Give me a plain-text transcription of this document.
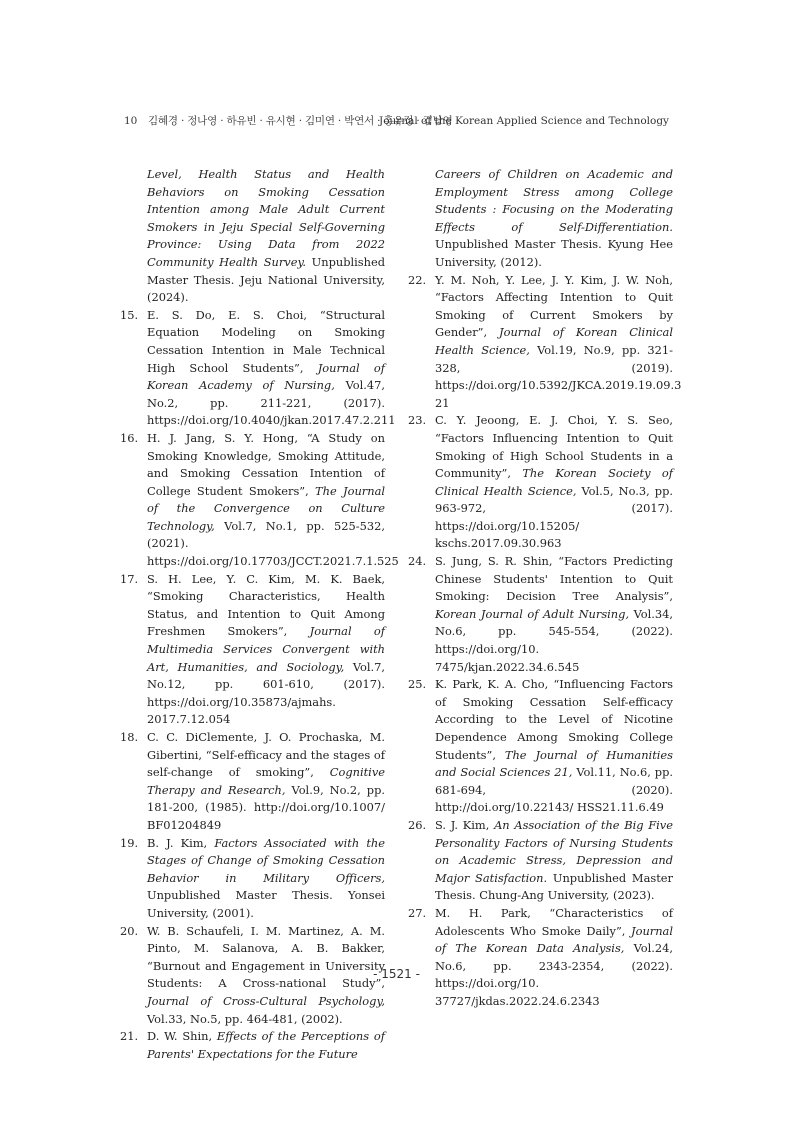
10 김혜경 · 정나영 · 하유빈 · 유시현 · 김미연 · 박연서 · 홍유정 · 김남영
Journal of the Korean Applied Science and Technology
Level, Health Status and Health Behaviors on Smoking Cessation Intention among Male Adult Current Smokers in Jeju Special Self-Governing Province: Using Data from 2022 Community Health Survey. Unpublished Master Thesis. Jeju National University, (2024).
15. E. S. Do, E. S. Choi, “Structural Equation Modeling on Smoking Cessation Intention in Male Technical High School Students”, Journal of Korean Academy of Nursing, Vol.47, No.2, pp. 211-221, (2017). https://doi.org/10.4040/jkan.2017.47.2.211
16. H. J. Jang, S. Y. Hong, “A Study on Smoking Knowledge, Smoking Attitude, and Smoking Cessation Intention of College Student Smokers”, The Journal of the Convergence on Culture Technology, Vol.7, No.1, pp. 525-532, (2021). https://doi.org/10.17703/JCCT.2021.7.1.525
17. S. H. Lee, Y. C. Kim, M. K. Baek, “Smoking Characteristics, Health Status, and Intention to Quit Among Freshmen Smokers”, Journal of Multimedia Services Convergent with Art, Humanities, and Sociology, Vol.7, No.12, pp. 601-610, (2017). https://doi.org/10.35873/ajmahs. 2017.7.12.054
18. C. C. DiClemente, J. O. Prochaska, M. Gibertini, “Self-efficacy and the stages of self-change of smoking”, Cognitive Therapy and Research, Vol.9, No.2, pp. 181-200, (1985). http://doi.org/10.1007/ BF01204849
19. B. J. Kim, Factors Associated with the Stages of Change of Smoking Cessation Behavior in Military Officers, Unpublished Master Thesis. Yonsei University, (2001).
20. W. B. Schaufeli, I. M. Martinez, A. M. Pinto, M. Salanova, A. B. Bakker, “Burnout and Engagement in University Students: A Cross-national Study”, Journal of Cross-Cultural Psychology, Vol.33, No.5, pp. 464-481, (2002).
21. D. W. Shin, Effects of the Perceptions of Parents' Expectations for the Future
Careers of Children on Academic and Employment Stress among College Students : Focusing on the Moderating Effects of Self-Differentiation. Unpublished Master Thesis. Kyung Hee University, (2012).
22. Y. M. Noh, Y. Lee, J. Y. Kim, J. W. Noh, “Factors Affecting Intention to Quit Smoking of Current Smokers by Gender”, Journal of Korean Clinical Health Science, Vol.19, No.9, pp. 321-328, (2019). https://doi.org/10.5392/JKCA.2019.19.09.3 21
23. C. Y. Jeoong, E. J. Choi, Y. S. Seo, “Factors Influencing Intention to Quit Smoking of High School Students in a Community”, The Korean Society of Clinical Health Science, Vol.5, No.3, pp. 963-972, (2017). https://doi.org/10.15205/ kschs.2017.09.30.963
24. S. Jung, S. R. Shin, “Factors Predicting Chinese Students' Intention to Quit Smoking: Decision Tree Analysis”, Korean Journal of Adult Nursing, Vol.34, No.6, pp. 545-554, (2022). https://doi.org/10. 7475/kjan.2022.34.6.545
25. K. Park, K. A. Cho, “Influencing Factors of Smoking Cessation Self-efficacy According to the Level of Nicotine Dependence Among Smoking College Students”, The Journal of Humanities and Social Sciences 21, Vol.11, No.6, pp. 681-694, (2020). http://doi.org/10.22143/ HSS21.11.6.49
26. S. J. Kim, An Association of the Big Five Personality Factors of Nursing Students on Academic Stress, Depression and Major Satisfaction. Unpublished Master Thesis. Chung-Ang University, (2023).
27. M. H. Park, “Characteristics of Adolescents Who Smoke Daily”, Journal of The Korean Data Analysis, Vol.24, No.6, pp. 2343-2354, (2022). https://doi.org/10. 37727/jkdas.2022.24.6.2343
- 1521 -
